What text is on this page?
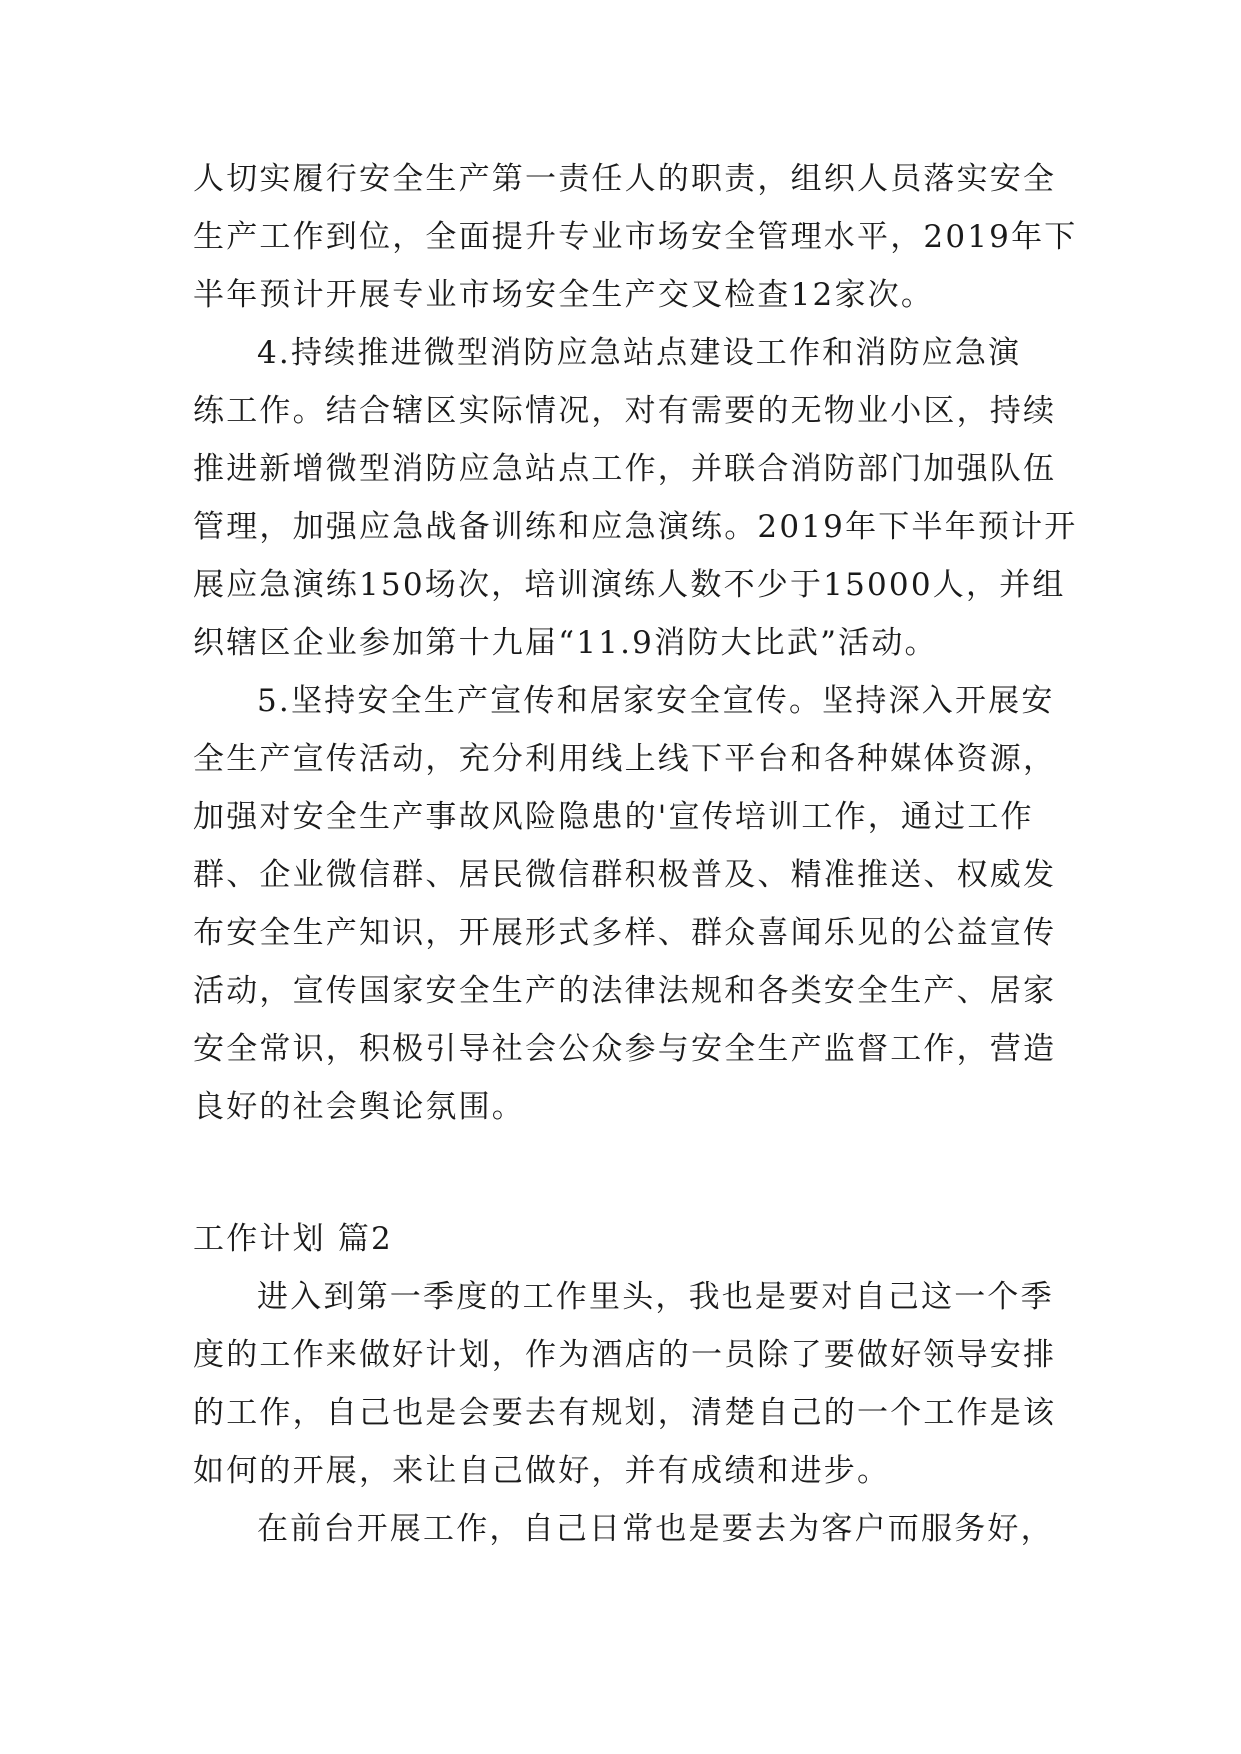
人切实履行安全生产第一责任人的职责，组织人员落实安全
生产工作到位，全面提升专业市场安全管理水平，2019年下
半年预计开展专业市场安全生产交叉检查12家次。
4.持续推进微型消防应急站点建设工作和消防应急演
练工作。结合辖区实际情况，对有需要的无物业小区，持续
推进新增微型消防应急站点工作，并联合消防部门加强队伍
管理，加强应急战备训练和应急演练。2019年下半年预计开
展应急演练150场次，培训演练人数不少于15000人，并组
织辖区企业参加第十九届“11.9消防大比武”活动。
5.坚持安全生产宣传和居家安全宣传。坚持深入开展安
全生产宣传活动，充分利用线上线下平台和各种媒体资源，
加强对安全生产事故风险隐患的'宣传培训工作，通过工作
群、企业微信群、居民微信群积极普及、精准推送、权威发
布安全生产知识，开展形式多样、群众喜闻乐见的公益宣传
活动，宣传国家安全生产的法律法规和各类安全生产、居家
安全常识，积极引导社会公众参与安全生产监督工作，营造
良好的社会舆论氛围。
工作计划 篇2
进入到第一季度的工作里头，我也是要对自己这一个季
度的工作来做好计划，作为酒店的一员除了要做好领导安排
的工作，自己也是会要去有规划，清楚自己的一个工作是该
如何的开展，来让自己做好，并有成绩和进步。
在前台开展工作，自己日常也是要去为客户而服务好，
